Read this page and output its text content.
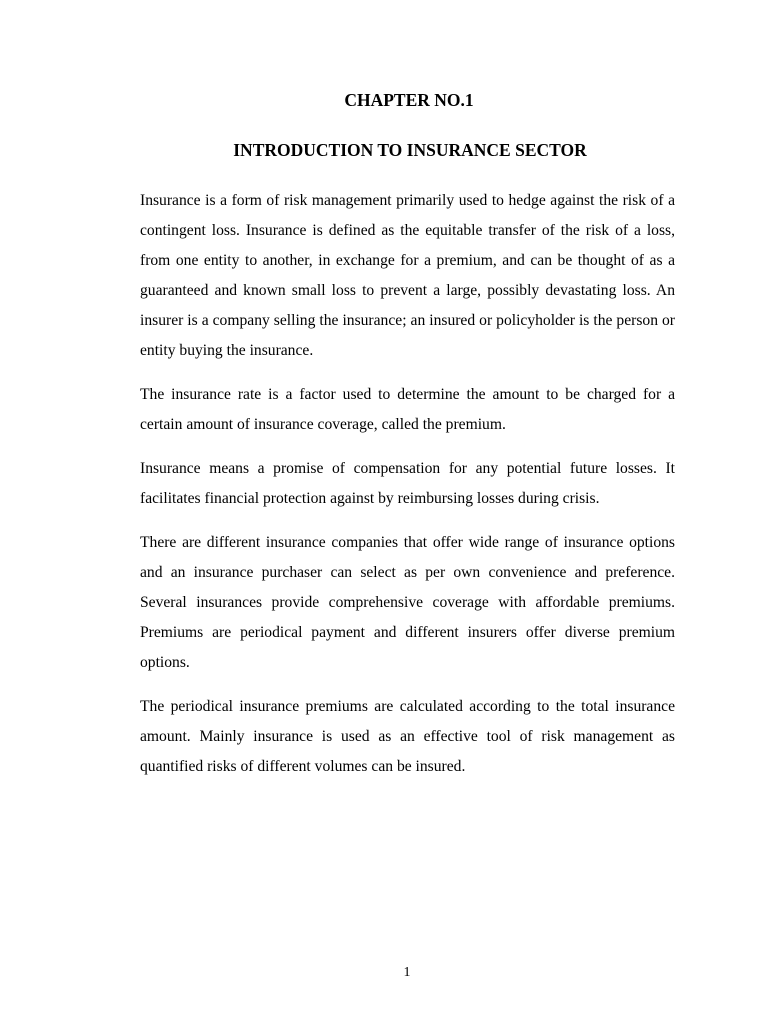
CHAPTER NO.1
INTRODUCTION TO INSURANCE SECTOR

Insurance is a form of risk management primarily used to hedge against the risk of a contingent loss. Insurance is defined as the equitable transfer of the risk of a loss, from one entity to another, in exchange for a premium, and can be thought of as a guaranteed and known small loss to prevent a large, possibly devastating loss. An insurer is a company selling the insurance; an insured or policyholder is the person or entity buying the insurance.

The insurance rate is a factor used to determine the amount to be charged for a certain amount of insurance coverage, called the premium.

Insurance means a promise of compensation for any potential future losses. It facilitates financial protection against by reimbursing losses during crisis.

There are different insurance companies that offer wide range of insurance options and an insurance purchaser can select as per own convenience and preference. Several insurances provide comprehensive coverage with affordable premiums. Premiums are periodical payment and different insurers offer diverse premium options.

The periodical insurance premiums are calculated according to the total insurance amount. Mainly insurance is used as an effective tool of risk management as quantified risks of different volumes can be insured.

1
